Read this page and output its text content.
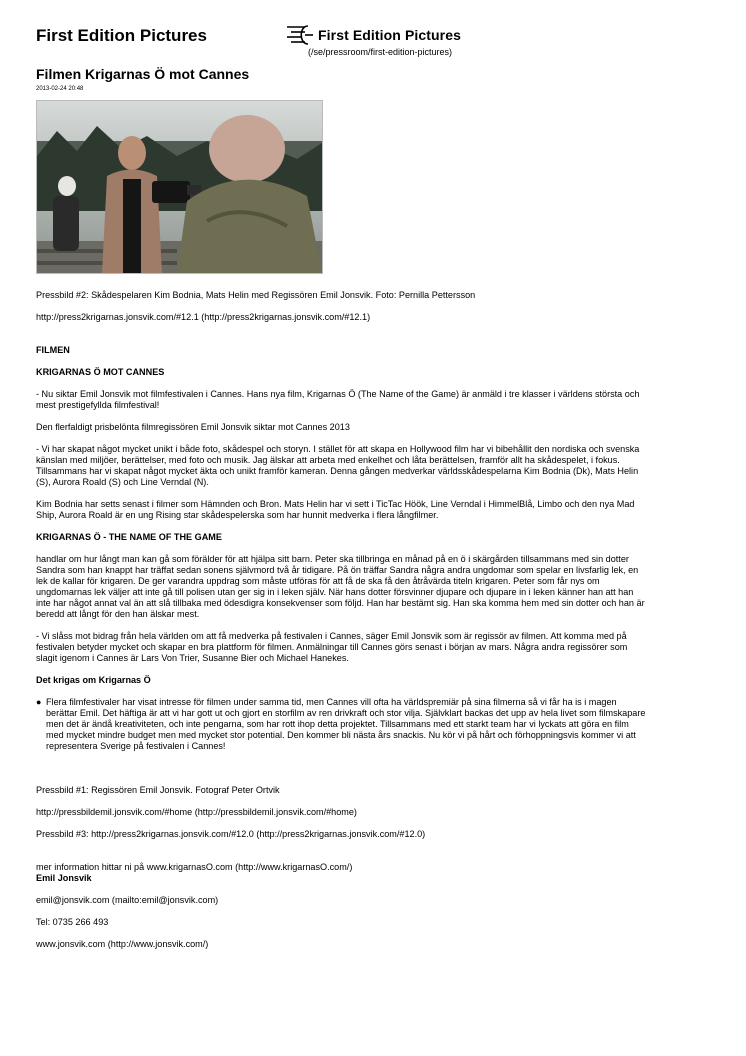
First Edition Pictures	First Edition Pictures
(/se/pressroom/first-edition-pictures)
Filmen Krigarnas Ö mot Cannes
2013-02-24 20:48

Pressbild #2: Skådespelaren Kim Bodnia, Mats Helin med Regissören Emil Jonsvik. Foto: Pernilla Pettersson

http://press2krigarnas.jonsvik.com/#12.1 (http://press2krigarnas.jonsvik.com/#12.1)

FILMEN

KRIGARNAS Ö MOT CANNES

- Nu siktar Emil Jonsvik mot filmfestivalen i Cannes. Hans nya film, Krigarnas Ö (The Name of the Game) är anmäld i tre klasser i världens största och mest prestigefyllda filmfestival!

Den flerfaldigt prisbelönta filmregissören Emil Jonsvik siktar mot Cannes 2013

- Vi har skapat något mycket unikt i både foto, skådespel och storyn. I stället för att skapa en Hollywood film har vi bibehållit den nordiska och svenska känslan med miljöer, berättelser, med foto och musik. Jag älskar att arbeta med enkelhet och låta berättelsen, framför allt ha skådespelet, i fokus. Tillsammans har vi skapat något mycket äkta och unikt framför kameran. Denna gången medverkar världsskådespelarna Kim Bodnia (Dk), Mats Helin (S), Aurora Roald (S) och Line Verndal (N).

Kim Bodnia har setts senast i filmer som Hämnden och Bron. Mats Helin har vi sett i TicTac Höök, Line Verndal i HimmelBlå, Limbo och den nya Mad Ship, Aurora Roald är en ung Rising star skådespelerska som har hunnit medverka i flera långfilmer.

KRIGARNAS Ö - THE NAME OF THE GAME

handlar om hur långt man kan gå som förälder för att hjälpa sitt barn. Peter ska tillbringa en månad på en ö i skärgården tillsammans med sin dotter Sandra som han knappt har träffat sedan sonens självmord två år tidigare. På ön träffar Sandra några andra ungdomar som spelar en livsfarlig lek, en lek de kallar för krigaren. De ger varandra uppdrag som måste utföras för att få de ska få den åtråvärda titeln krigaren. Peter som får nys om ungdomarnas lek väljer att inte gå till polisen utan ger sig in i leken själv. När hans dotter försvinner djupare och djupare in i leken känner han att han inte har något annat val än att slå tillbaka med ödesdigra konsekvenser som följd. Han har bestämt sig. Han ska komma hem med sin dotter och han är beredd att långt för den han älskar mest.

- Vi slåss mot bidrag från hela världen om att få medverka på festivalen i Cannes, säger Emil Jonsvik som är regissör av filmen. Att komma med på festivalen betyder mycket och skapar en bra plattform för filmen. Anmälningar till Cannes görs senast i början av mars. Några andra regissörer som slagit igenom i Cannes är Lars Von Trier, Susanne Bier och Michael Hanekes.

Det krigas om Krigarnas Ö

● Flera filmfestivaler har visat intresse för filmen under samma tid, men Cannes vill ofta ha världspremiär på sina filmerna så vi får ha is i magen berättar Emil. Det häftiga är att vi har gott ut och gjort en storfilm av ren drivkraft och stor vilja. Självklart backas det upp av hela livet som filmskapare men det är ändå kreativiteten, och inte pengarna, som har rott ihop detta projektet. Tillsammans med ett starkt team har vi lyckats att göra en film med mycket mindre budget men med mycket stor potential. Den kommer bli nästa års snackis. Nu kör vi på hårt och förhoppningsvis kommer vi att representera Sverige på festivalen i Cannes!

Pressbild #1: Regissören Emil Jonsvik. Fotograf Peter Ortvik

http://pressbildemil.jonsvik.com/#home (http://pressbildemil.jonsvik.com/#home)

Pressbild #3: http://press2krigarnas.jonsvik.com/#12.0 (http://press2krigarnas.jonsvik.com/#12.0)

mer information hittar ni på www.krigarnasO.com (http://www.krigarnasO.com/)

Emil Jonsvik

emil@jonsvik.com (mailto:emil@jonsvik.com)

Tel: 0735 266 493

www.jonsvik.com (http://www.jonsvik.com/)
